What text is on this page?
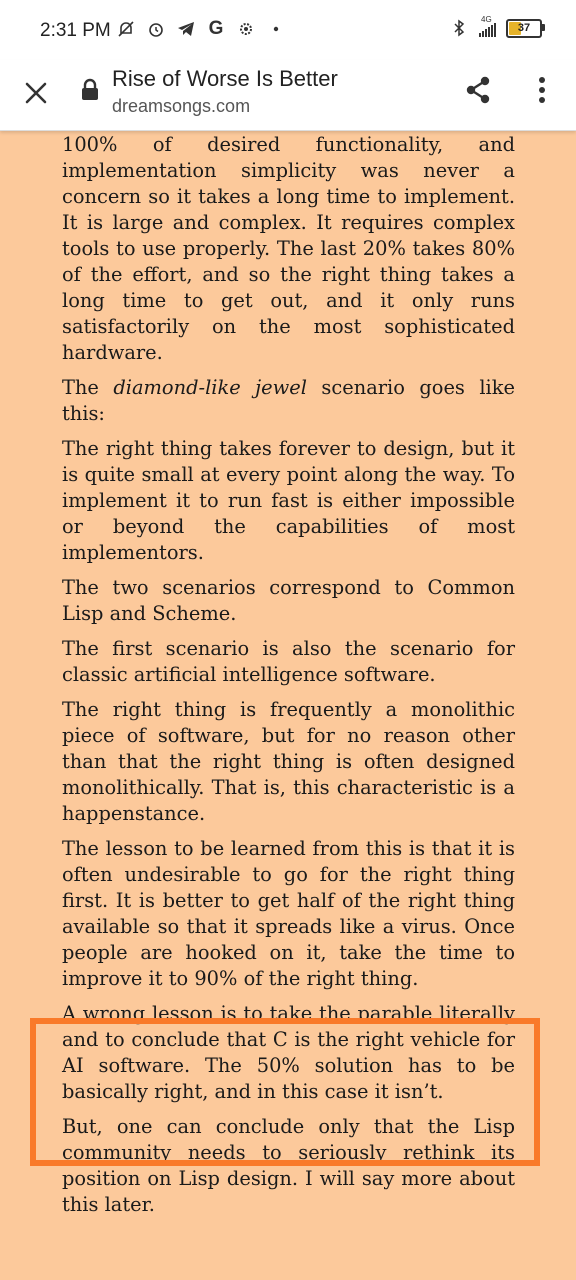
2:31 PM	G	4G
37
Rise of Worse Is Better
dreamsongs.com

100% of desired functionality, and implementation simplicity was never a concern so it takes a long time to implement. It is large and complex. It requires complex tools to use properly. The last 20% takes 80% of the effort, and so the right thing takes a long time to get out, and it only runs satisfactorily on the most sophisticated hardware.

The diamond-like jewel scenario goes like this:

The right thing takes forever to design, but it is quite small at every point along the way. To implement it to run fast is either impossible or beyond the capabilities of most implementors.

The two scenarios correspond to Common Lisp and Scheme.

The first scenario is also the scenario for classic artificial intelligence software.

The right thing is frequently a monolithic piece of software, but for no reason other than that the right thing is often designed monolithically. That is, this characteristic is a happenstance.

The lesson to be learned from this is that it is often undesirable to go for the right thing first. It is better to get half of the right thing available so that it spreads like a virus. Once people are hooked on it, take the time to improve it to 90% of the right thing.

A wrong lesson is to take the parable literally and to conclude that C is the right vehicle for AI software. The 50% solution has to be basically right, and in this case it isn’t.

But, one can conclude only that the Lisp community needs to seriously rethink its position on Lisp design. I will say more about this later.
